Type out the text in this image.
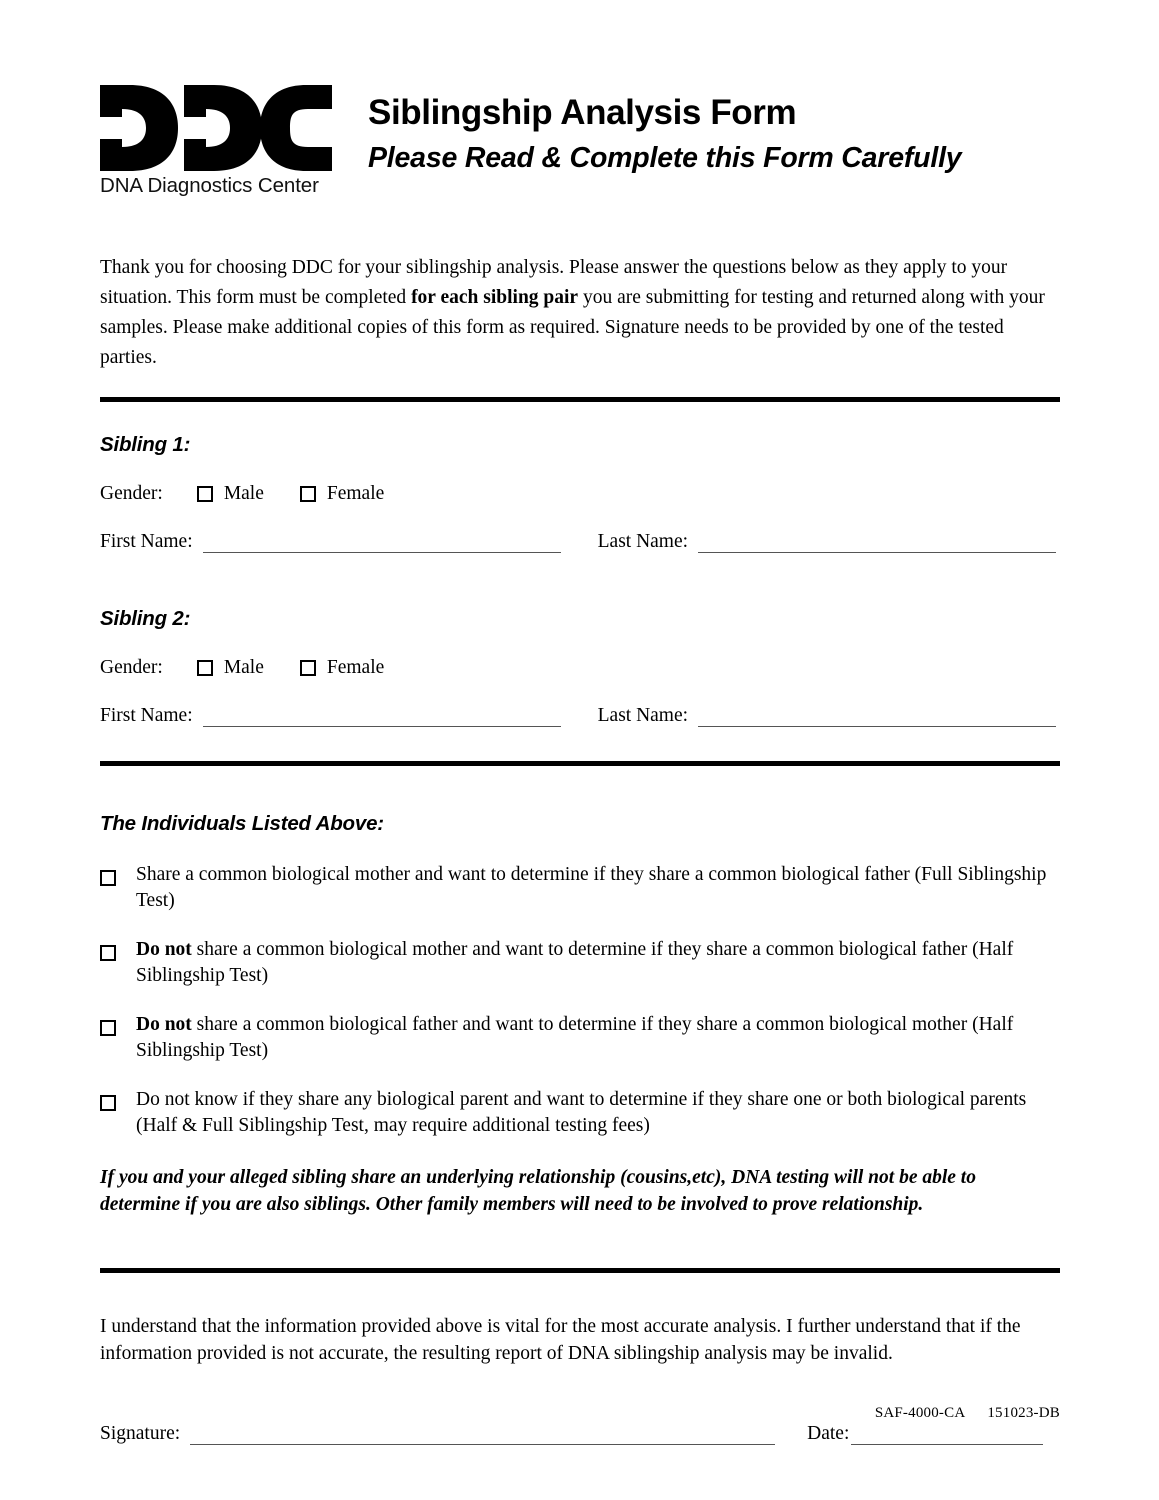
DNA Diagnostics Center
Siblingship Analysis Form
Please Read & Complete this Form Carefully

Thank you for choosing DDC for your siblingship analysis. Please answer the questions below as they apply to your situation. This form must be completed for each sibling pair you are submitting for testing and returned along with your samples. Please make additional copies of this form as required. Signature needs to be provided by one of the tested parties.

Sibling 1:
Gender:	Male	Female
First Name:	Last Name:
Sibling 2:
Gender:	Male	Female
First Name:	Last Name:
The Individuals Listed Above:
Share a common biological mother and want to determine if they share a common biological father (Full Siblingship Test)
Do not share a common biological mother and want to determine if they share a common biological father (Half Siblingship Test)
Do not share a common biological father and want to determine if they share a common biological mother (Half Siblingship Test)
Do not know if they share any biological parent and want to determine if they share one or both biological parents (Half & Full Siblingship Test, may require additional testing fees)

If you and your alleged sibling share an underlying relationship (cousins,etc), DNA testing will not be able to determine if you are also siblings. Other family members will need to be involved to prove relationship.

I understand that the information provided above is vital for the most accurate analysis. I further understand that if the information provided is not accurate, the resulting report of DNA siblingship analysis may be invalid.

Signature:	Date:
SAF-4000-CA 151023-DB
